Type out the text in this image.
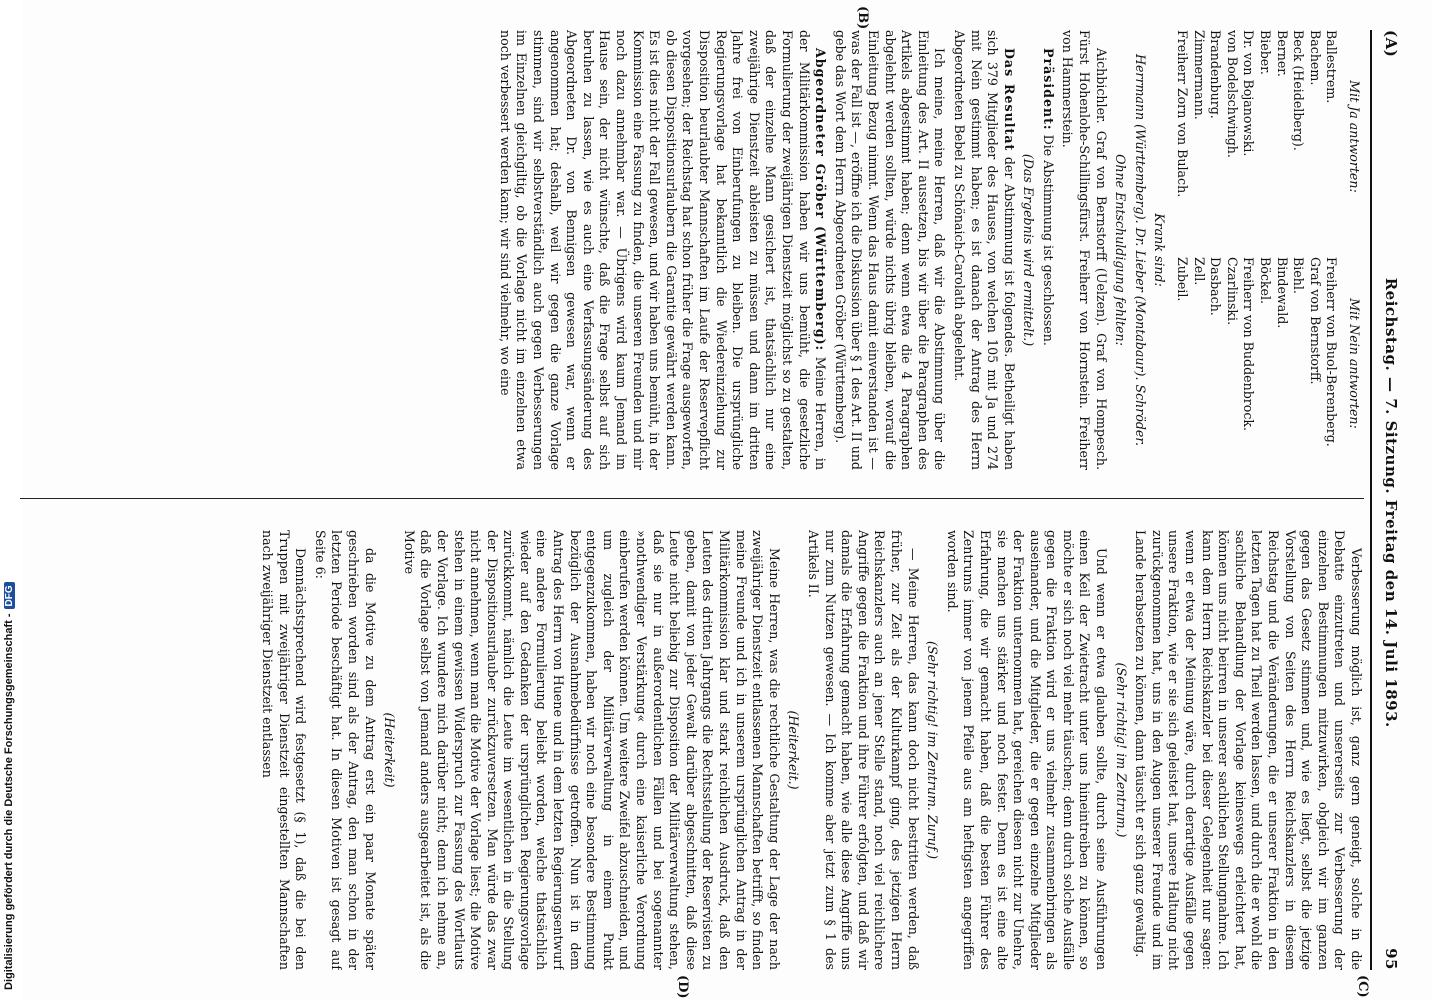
Digitalisierung gefördert durch die Deutsche Forschungsgemeinschaft -DFG
(A)
Reichstag. — 7. Sitzung. Freitag den 14. Juli 1893.
95
(B)
(C)
(D)
Mit Ja antworten:
Mit Nein antworten:
Ballestrem.
Freiherr von Buol-Berenberg.
Bachem.
Graf von Bernstorff.
Beck (Heidelberg).
Biehl.
Berner.
Bindewald.
Bieber.
Böckel.
Dr. von Bojanowski.
Freiherr von Buddenbrock.
von Bodelschwingh.
Czarlinski.
Brandenburg.
Dasbach.
Zimmermann.
Zell.
Freiherr Zorn von Bulach.
Zubeil.

Krank sind:

Herrmann (Württemberg). Dr. Lieber (Montabaur). Schröder.

Ohne Entschuldigung fehlten:

Aichbichler. Graf von Bernstorff (Uelzen). Graf von Hompesch. Fürst Hohenlohe-Schillingsfürst. Freiherr von Hornstein. Freiherr von Hammerstein.

Präsident: Die Abstimmung ist geschlossen.

(Das Ergebnis wird ermittelt.)

Das Resultat der Abstimmung ist folgendes. Betheiligt haben sich 379 Mitglieder des Hauses, von welchen 105 mit Ja und 274 mit Nein gestimmt haben; es ist danach der Antrag des Herrn Abgeordneten Bebel zu Schönaich-Carolath abgelehnt.

Ich meine, meine Herren, daß wir die Abstimmung über die Einleitung des Art. II aussetzen, bis wir über die Paragraphen des Artikels abgestimmt haben; denn wenn etwa die 4 Paragraphen abgelehnt werden sollten, würde nichts übrig bleiben, worauf die Einleitung Bezug nimmt. Wenn das Haus damit einverstanden ist — was der Fall ist —, eröffne ich die Diskussion über § 1 des Art. II und gebe das Wort dem Herrn Abgeordneten Gröber (Württemberg).

Abgeordneter Gröber (Württemberg): Meine Herren, in der Militärkommission haben wir uns bemüht, die gesetzliche Formulierung der zweijährigen Dienstzeit möglichst so zu gestalten, daß der einzelne Mann gesichert ist, thatsächlich nur eine zweijährige Dienstzeit ableisten zu müssen und dann im dritten Jahre frei von Einberufungen zu bleiben. Die ursprüngliche Regierungsvorlage hat bekanntlich die Wiedereinziehung zur Disposition beurlaubter Mannschaften im Laufe der Reservepflicht vorgesehen; der Reichstag hat schon früher die Frage ausgeworfen, ob diesen Dispositionsurlaubern die Garantie gewährt werden kann. Es ist dies nicht der Fall gewesen, und wir haben uns bemüht, in der Kommission eine Fassung zu finden, die unseren Freunden und mir noch dazu annehmbar war. — Übrigens wird kaum Jemand im Hause sein, der nicht wünschte, daß die Frage selbst auf sich beruhen zu lassen, wie es auch eine Verfassungsänderung des Abgeordneten Dr. von Bennigsen gewesen war, wenn er angenommen hat; deshalb, weil wir gegen die ganze Vorlage stimmen, sind wir selbstverständlich auch gegen Verbesserungen im Einzelnen gleichgiltig, ob die Vorlage nicht im einzelnen etwa noch verbessert werden kann; wir sind vielmehr, wo eine

Verbesserung möglich ist, ganz gern geneigt, solche in die Debatte einzutreten und unsererseits zur Verbesserung der einzelnen Bestimmungen mitzuwirken, obgleich wir im ganzen gegen das Gesetz stimmen und, wie es liegt, selbst die jetzige Vorstellung von Seiten des Herrn Reichskanzlers in diesem Reichstag und die Veränderungen, die er unserer Fraktion in den letzten Tagen hat zu Theil werden lassen, und durch die er wohl die sachliche Behandlung der Vorlage keineswegs erleichtert hat, können uns nicht beirren in unserer sachlichen Stellungnahme. Ich kann dem Herrn Reichskanzler bei dieser Gelegenheit nur sagen: wenn er etwa der Meinung wäre, durch derartige Ausfälle gegen unsere Fraktion, wie er sie sich geleistet hat, unsere Haltung nicht zurückgenommen hat, uns in den Augen unserer Freunde und im Lande herabsetzen zu können, dann täuscht er sich ganz gewaltig.

(Sehr richtig! im Zentrum.)

Und wenn er etwa glauben sollte, durch seine Ausführungen einen Keil der Zwietracht unter uns hineintreiben zu können, so möchte er sich noch viel mehr täuschen; denn durch solche Ausfälle gegen die Fraktion wird er uns vielmehr zusammenbringen als auseinander, und die Mitglieder, die er gegen einzelne Mitglieder der Fraktion unternommen hat, gereichen diesen nicht zur Unehre, sie machen uns stärker und noch fester. Denn es ist eine alte Erfahrung, die wir gemacht haben, daß die besten Führer des Zentrums immer von jenem Pfeile aus am heftigsten angegriffen worden sind.

(Sehr richtig! im Zentrum. Zuruf.)

— Meine Herren, das kann doch nicht bestritten werden, daß früher, zur Zeit als der Kulturkampf ging, des jetzigen Herrn Reichskanzlers auch an jener Stelle stand, noch viel reichlichere Angriffe gegen die Fraktion und ihre Führer erfolgten, und daß wir damals die Erfahrung gemacht haben, wie alle diese Angriffe uns nur zum Nutzen gewesen. — Ich komme aber jetzt zum § 1 des Artikels II.

(Heiterkeit.)

Meine Herren, was die rechtliche Gestaltung der Lage der nach zweijähriger Dienstzeit entlassenen Mannschaften betrifft, so finden meine Freunde und ich in unserem ursprünglichen Antrag in der Militärkommission klar und stark reichlichen Ausdruck, daß den Leuten des dritten Jahrgangs die Rechtsstellung der Reservisten zu geben, damit von jeder Gewalt darüber abgeschnitten, daß diese Leute nicht beliebig zur Disposition der Militärverwaltung stehen, daß sie nur in außerordentlichen Fällen und bei sogenannter »nothwendiger Verstärkung« durch eine kaiserliche Verordnung einberufen werden können. Um weitere Zweifel abzuschneiden, und um zugleich der Militärverwaltung in einem Punkt entgegenzukommen, haben wir noch eine besondere Bestimmung bezüglich der Ausnahmebedürfnisse getroffen. Nun ist in dem Antrag des Herrn von Huene und in dem letzten Regierungsentwurf eine andere Formulierung beliebt worden, welche thatsächlich wieder auf den Gedanken der ursprünglichen Regierungsvorlage zurückkommt, nämlich die Leute im wesentlichen in die Stellung der Dispositionsurlauber zurückzuversetzen. Man würde das zwar nicht annehmen, wenn man die Motive der Vorlage liest; die Motive stehen in einem gewissen Widerspruch zur Fassung des Wortlauts der Vorlage. Ich wundere mich darüber nicht; denn ich nehme an, daß die Vorlage selbst von Jemand anders ausgearbeitet ist, als die Motive

(Heiterkeit)

da die Motive zu dem Antrag erst ein paar Monate später geschrieben worden sind als der Antrag, den man schon in der letzten Periode beschäftigt hat. In diesen Motiven ist gesagt auf Seite 6:

Demnächstsprechend wird festgesetzt (§ 1), daß die bei den Truppen mit zweijähriger Dienstzeit eingestellten Mannschaften nach zweijähriger Dienstzeit entlassen
